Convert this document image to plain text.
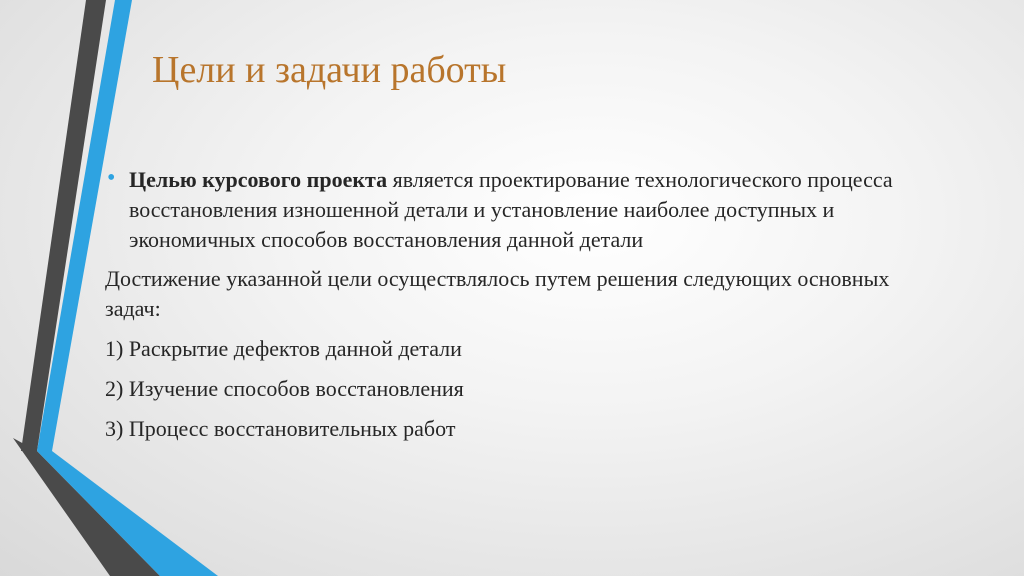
Цели и задачи работы
• Целью курсового проекта является проектирование технологического процесса восстановления изношенной детали и установление наиболее доступных и экономичных способов восстановления данной детали
Достижение указанной цели осуществлялось путем решения следующих основных задач:
1) Раскрытие дефектов данной детали
2) Изучение способов восстановления
3) Процесс восстановительных работ
